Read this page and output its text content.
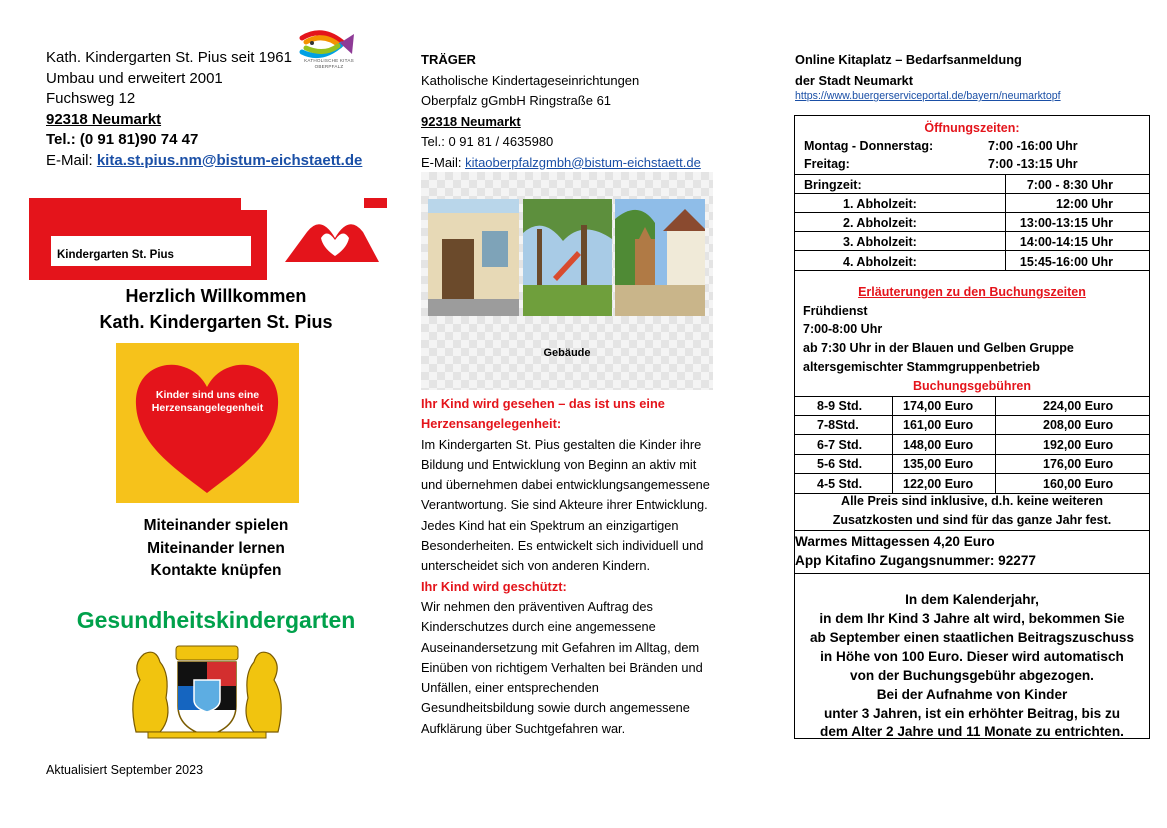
Kath. Kindergarten St. Pius seit 1961
Umbau und erweitert 2001
Fuchsweg 12
92318 Neumarkt
Tel.: (0 91 81)90 74 47
E-Mail: kita.st.pius.nm@bistum-eichstaett.de
KATHOLISCHE KITAS
OBERPFALZ
Kindergarten St. Pius
Herzlich Willkommen
Kath. Kindergarten St. Pius
Kinder sind uns eine
Herzensangelegenheit
Miteinander spielen
Miteinander lernen
Kontakte knüpfen
Gesundheitskindergarten
Aktualisiert September 2023
TRÄGER
Katholische Kindertageseinrichtungen
Oberpfalz gGmbH Ringstraße 61
92318 Neumarkt
Tel.: 0 91 81 / 4635980
E-Mail: kitaoberpfalzgmbh@bistum-eichstaett.de
Gebäude
Ihr Kind wird gesehen – das ist uns eine
Herzensangelegenheit:
Im Kindergarten St. Pius gestalten die Kinder ihre
Bildung und Entwicklung von Beginn an aktiv mit
und übernehmen dabei entwicklungsangemessene
Verantwortung. Sie sind Akteure ihrer Entwicklung.
Jedes Kind hat ein Spektrum an einzigartigen
Besonderheiten. Es entwickelt sich individuell und
unterscheidet sich von anderen Kindern.
Ihr Kind wird geschützt:
Wir nehmen den präventiven Auftrag des
Kinderschutzes durch eine angemessene
Auseinandersetzung mit Gefahren im Alltag, dem
Einüben von richtigem Verhalten bei Bränden und
Unfällen, einer entsprechenden
Gesundheitsbildung sowie durch angemessene
Aufklärung über Suchtgefahren war.
Online Kitaplatz – Bedarfsanmeldung
der Stadt Neumarkt
https://www.buergerserviceportal.de/bayern/neumarktopf
Öffnungszeiten:
Montag - Donnerstag:	7:00 -16:00 Uhr
Freitag:	7:00 -13:15 Uhr
Bringzeit:	7:00 - 8:30 Uhr
1. Abholzeit:	12:00 Uhr
2. Abholzeit:	13:00-13:15 Uhr
3. Abholzeit:	14:00-14:15 Uhr
4. Abholzeit:	15:45-16:00 Uhr
Erläuterungen zu den Buchungszeiten
Frühdienst
7:00-8:00 Uhr
ab 7:30 Uhr in der Blauen und Gelben Gruppe
altersgemischter Stammgruppenbetrieb
Buchungsgebühren
8-9 Std.	174,00 Euro	224,00 Euro
7-8Std.	161,00 Euro	208,00 Euro
6-7 Std.	148,00 Euro	192,00 Euro
5-6 Std.	135,00 Euro	176,00 Euro
4-5 Std.	122,00 Euro	160,00 Euro
Alle Preis sind inklusive, d.h. keine weiteren
Zusatzkosten und sind für das ganze Jahr fest.
Warmes Mittagessen 4,20 Euro
App Kitafino Zugangsnummer: 92277
In dem Kalenderjahr,
in dem Ihr Kind 3 Jahre alt wird, bekommen Sie
ab September einen staatlichen Beitragszuschuss
in Höhe von 100 Euro. Dieser wird automatisch
von der Buchungsgebühr abgezogen.
Bei der Aufnahme von Kinder
unter 3 Jahren, ist ein erhöhter Beitrag, bis zu
dem Alter 2 Jahre und 11 Monate zu entrichten.
